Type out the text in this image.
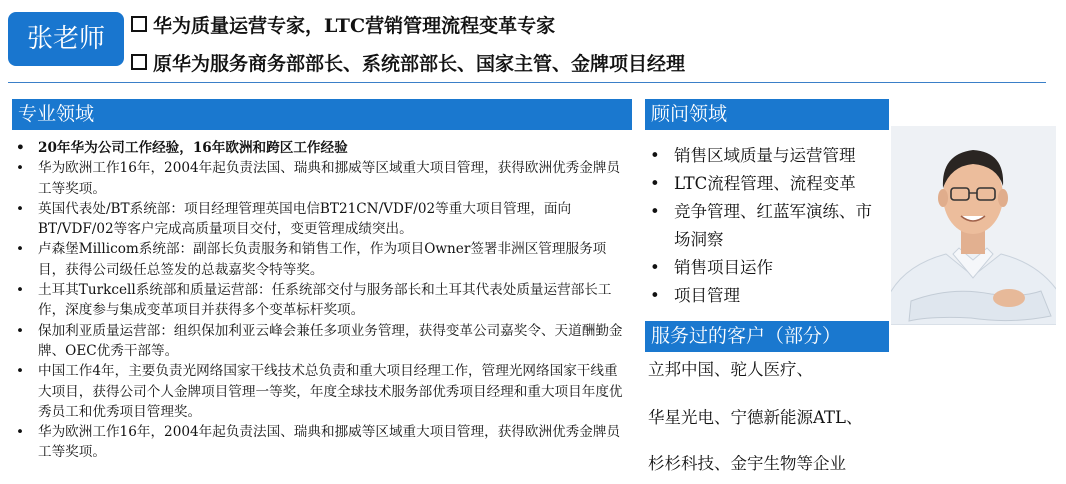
张老师	华为质量运营专家，LTC营销管理流程变革专家
原华为服务商务部部长、系统部部长、国家主管、金牌项目经理
专业领域
• 20年华为公司工作经验，16年欧洲和跨区工作经验
• 华为欧洲工作16年，2004年起负责法国、瑞典和挪威等区域重大项目管理，获得欧洲优秀金牌员工等奖项。
• 英国代表处/BT系统部：项目经理管理英国电信BT21CN/VDF/02等重大项目管理，面向BT/VDF/02等客户完成高质量项目交付，变更管理成绩突出。
• 卢森堡Millicom系统部：副部长负责服务和销售工作，作为项目Owner签署非洲区管理服务项目，获得公司级任总签发的总裁嘉奖令特等奖。
• 土耳其Turkcell系统部和质量运营部：任系统部交付与服务部长和土耳其代表处质量运营部长工作，深度参与集成变革项目并获得多个变革标杆奖项。
• 保加利亚质量运营部：组织保加利亚云峰会兼任多项业务管理，获得变革公司嘉奖令、天道酬勤金牌、OEC优秀干部等。
• 中国工作4年，主要负责光网络国家干线技术总负责和重大项目经理工作，管理光网络国家干线重大项目，获得公司个人金牌项目管理一等奖，年度全球技术服务部优秀项目经理和重大项目年度优秀员工和优秀项目管理奖。
• 华为欧洲工作16年，2004年起负责法国、瑞典和挪威等区域重大项目管理，获得欧洲优秀金牌员工等奖项。
顾问领域
• 销售区域质量与运营管理
• LTC流程管理、流程变革
• 竞争管理、红蓝军演练、市场洞察
• 销售项目运作
• 项目管理
服务过的客户（部分）
立邦中国、驼人医疗、
华星光电、宁德新能源ATL、
杉杉科技、金宇生物等企业
